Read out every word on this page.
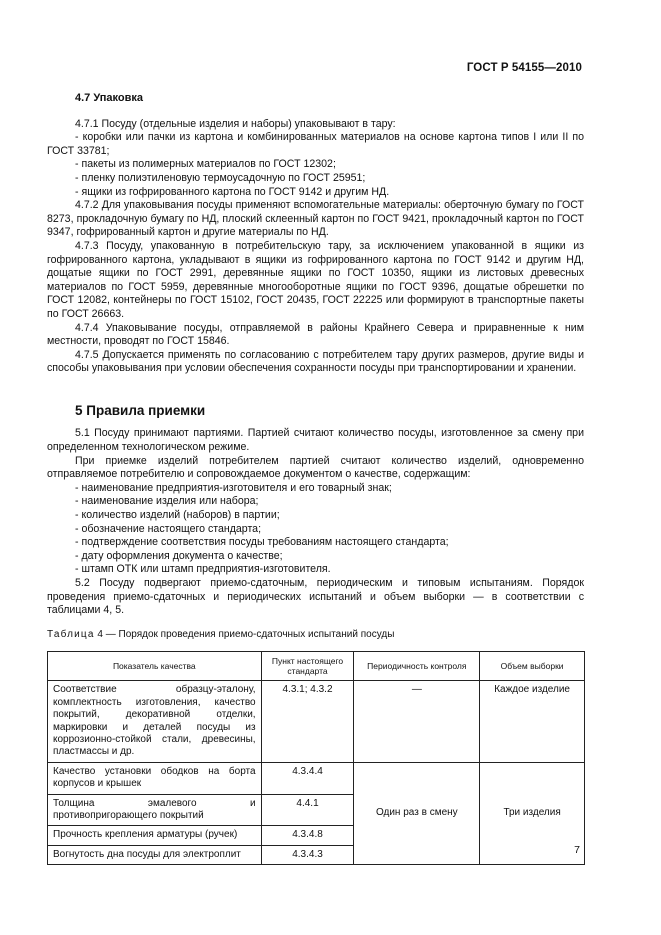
ГОСТ Р 54155—2010

4.7 Упаковка

4.7.1 Посуду (отдельные изделия и наборы) упаковывают в тару:

- коробки или пачки из картона и комбинированных материалов на основе картона типов I или II по ГОСТ 33781;

- пакеты из полимерных материалов по ГОСТ 12302;

- пленку полиэтиленовую термоусадочную по ГОСТ 25951;

- ящики из гофрированного картона по ГОСТ 9142 и другим НД.

4.7.2 Для упаковывания посуды применяют вспомогательные материалы: оберточную бумагу по ГОСТ 8273, прокладочную бумагу по НД, плоский склеенный картон по ГОСТ 9421, прокладочный картон по ГОСТ 9347, гофрированный картон и другие материалы по НД.

4.7.3 Посуду, упакованную в потребительскую тару, за исключением упакованной в ящики из гофрированного картона, укладывают в ящики из гофрированного картона по ГОСТ 9142 и другим НД, дощатые ящики по ГОСТ 2991, деревянные ящики по ГОСТ 10350, ящики из листовых древесных материалов по ГОСТ 5959, деревянные многооборотные ящики по ГОСТ 9396, дощатые обрешетки по ГОСТ 12082, контейнеры по ГОСТ 15102, ГОСТ 20435, ГОСТ 22225 или формируют в транспортные пакеты по ГОСТ 26663.

4.7.4 Упаковывание посуды, отправляемой в районы Крайнего Севера и приравненные к ним местности, проводят по ГОСТ 15846.

4.7.5 Допускается применять по согласованию с потребителем тару других размеров, другие виды и способы упаковывания при условии обеспечения сохранности посуды при транспортировании и хранении.

5 Правила приемки

5.1 Посуду принимают партиями. Партией считают количество посуды, изготовленное за смену при определенном технологическом режиме.

При приемке изделий потребителем партией считают количество изделий, одновременно отправляемое потребителю и сопровождаемое документом о качестве, содержащим:

- наименование предприятия-изготовителя и его товарный знак;

- наименование изделия или набора;

- количество изделий (наборов) в партии;

- обозначение настоящего стандарта;

- подтверждение соответствия посуды требованиям настоящего стандарта;

- дату оформления документа о качестве;

- штамп ОТК или штамп предприятия-изготовителя.

5.2 Посуду подвергают приемо-сдаточным, периодическим и типовым испытаниям. Порядок проведения приемо-сдаточных и периодических испытаний и объем выборки — в соответствии с таблицами 4, 5.

Таблица 4 — Порядок проведения приемо-сдаточных испытаний посуды

Показатель качества	Пункт настоящего стандарта	Периодичность контроля	Объем выборки
Соответствие образцу-эталону, комплектность изготовления, качество покрытий, декоративной отделки, маркировки и деталей посуды из коррозионно-стойкой стали, древесины, пластмассы и др.	4.3.1; 4.3.2	—	Каждое изделие
Качество установки ободков на борта корпусов и крышек	4.3.4.4	Один раз в смену	Три изделия
Толщина эмалевого и противопригорающего покрытий	4.4.1		
Прочность крепления арматуры (ручек)	4.3.4.8		
Вогнутость дна посуды для электроплит	4.3.4.3			7
